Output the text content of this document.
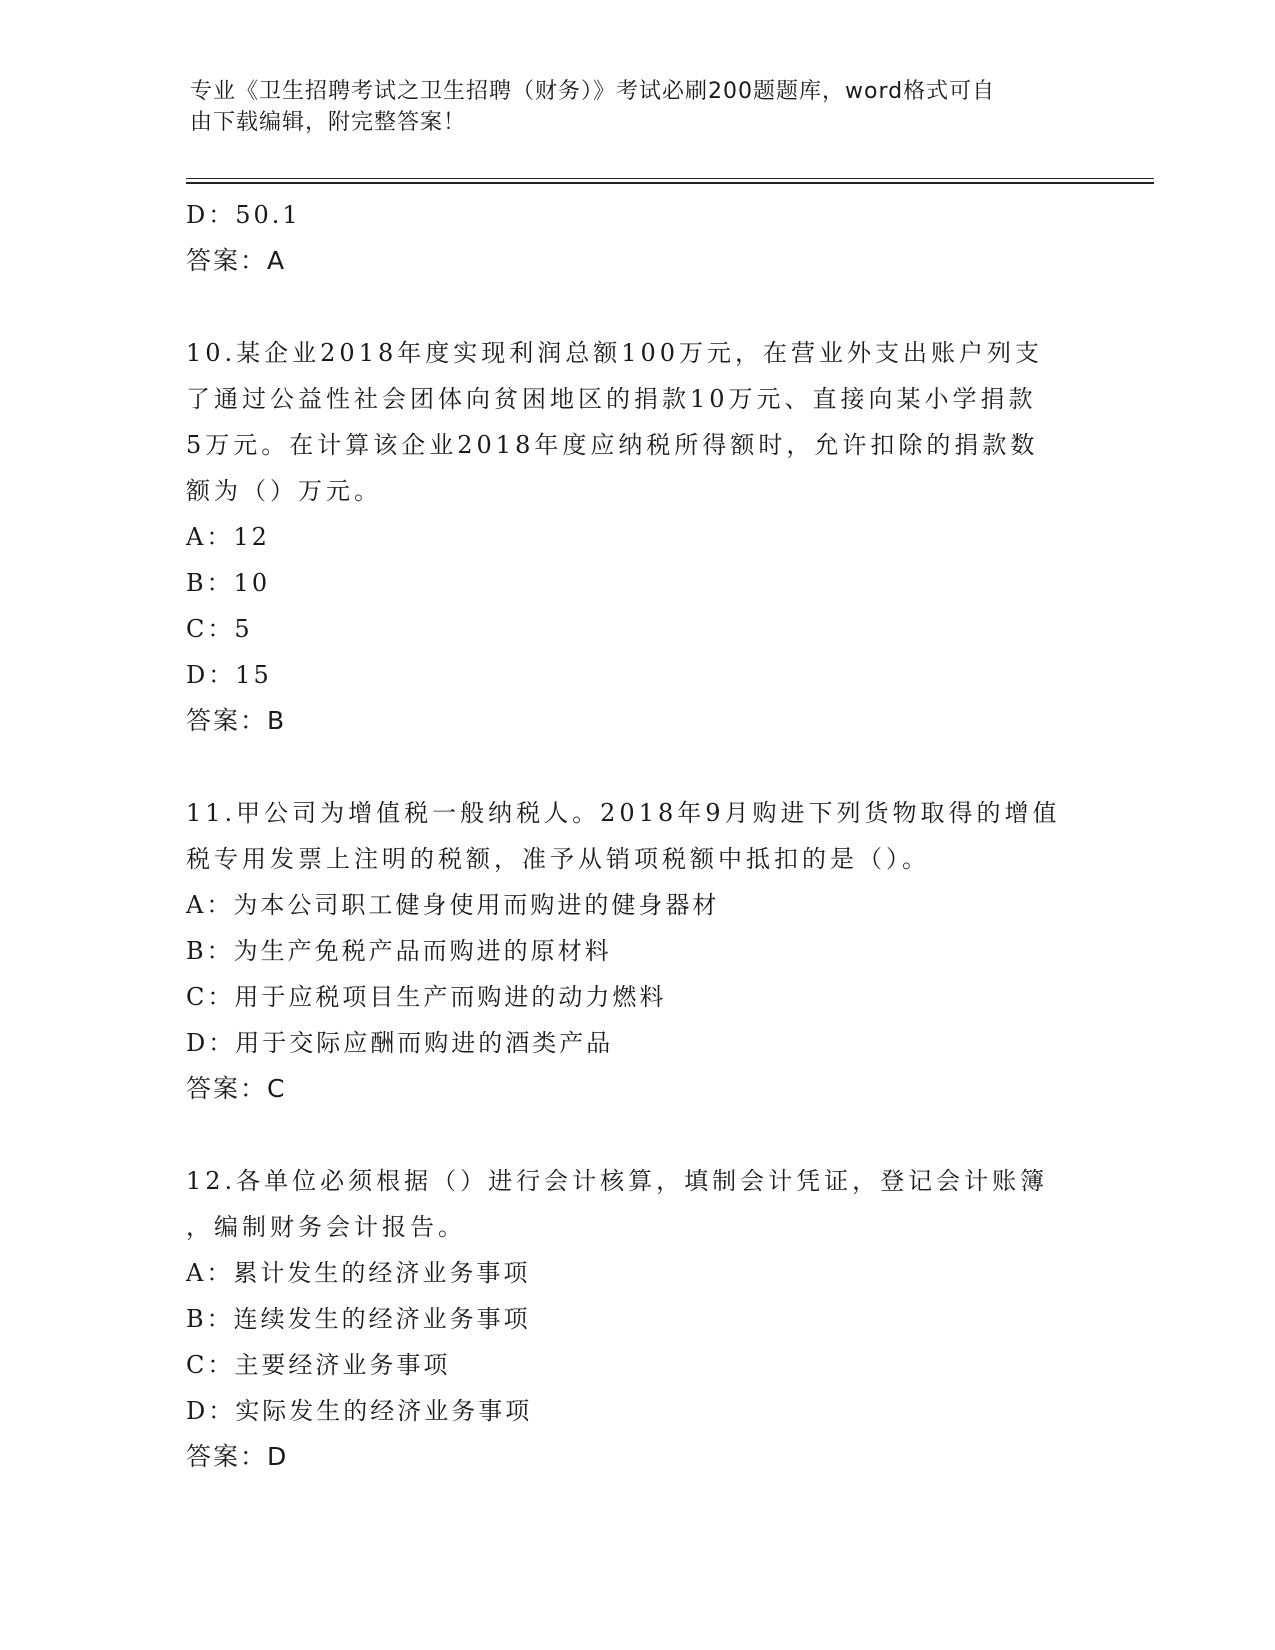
专业《卫生招聘考试之卫生招聘（财务）》考试必刷200题题库，word格式可自
由下载编辑，附完整答案！
D：50.1
答案：A
10.某企业2018年度实现利润总额100万元，在营业外支出账户列支
了通过公益性社会团体向贫困地区的捐款10万元、直接向某小学捐款
5万元。在计算该企业2018年度应纳税所得额时，允许扣除的捐款数
额为（）万元。
A：12
B：10
C：5
D：15
答案：B
11.甲公司为增值税一般纳税人。2018年9月购进下列货物取得的增值
税专用发票上注明的税额，准予从销项税额中抵扣的是（）。
A：为本公司职工健身使用而购进的健身器材
B：为生产免税产品而购进的原材料
C：用于应税项目生产而购进的动力燃料
D：用于交际应酬而购进的酒类产品
答案：C
12.各单位必须根据（）进行会计核算，填制会计凭证，登记会计账簿
，编制财务会计报告。
A：累计发生的经济业务事项
B：连续发生的经济业务事项
C：主要经济业务事项
D：实际发生的经济业务事项
答案：D
